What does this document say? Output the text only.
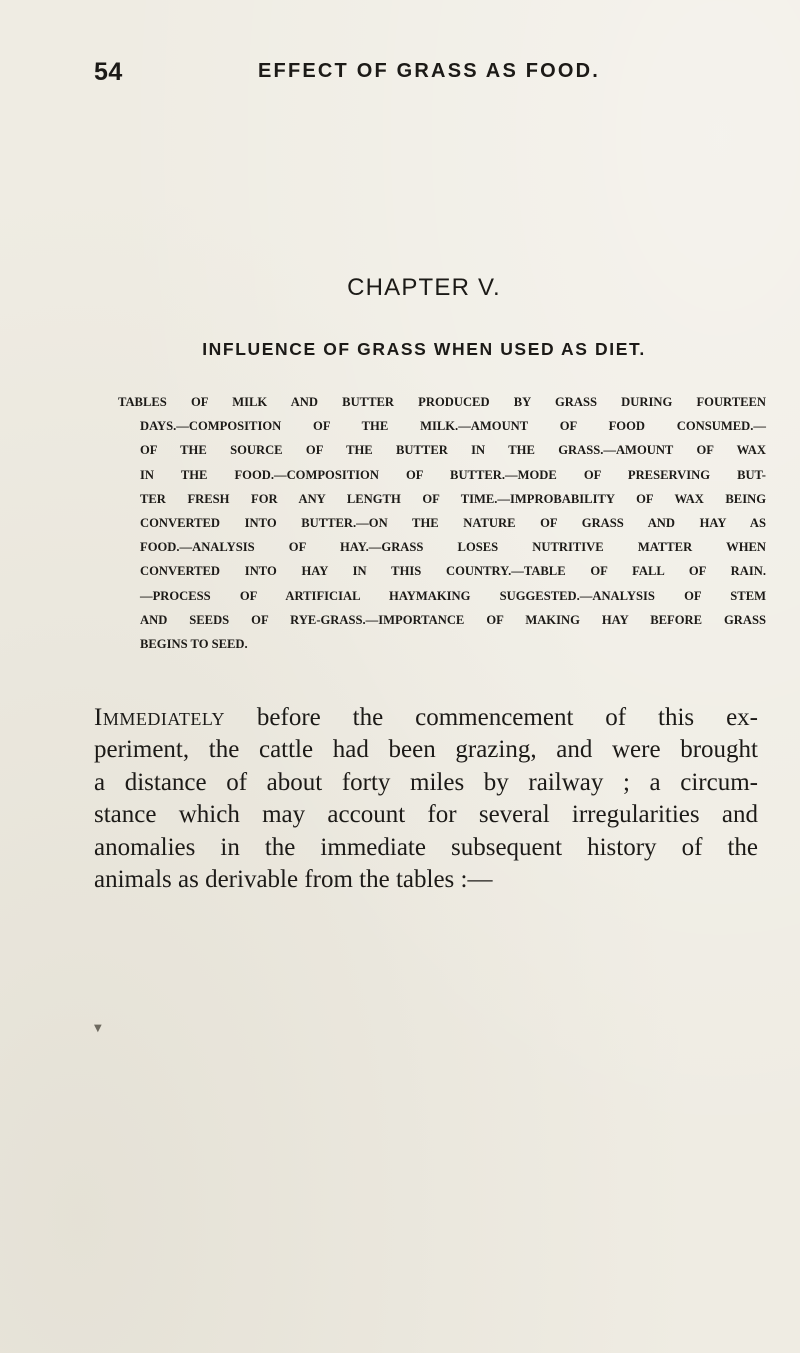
54	EFFECT OF GRASS AS FOOD.
CHAPTER V.
INFLUENCE OF GRASS WHEN USED AS DIET.
TABLES OF MILK AND BUTTER PRODUCED BY GRASS DURING FOURTEEN
DAYS.—COMPOSITION OF THE MILK.—AMOUNT OF FOOD CONSUMED.—
OF THE SOURCE OF THE BUTTER IN THE GRASS.—AMOUNT OF WAX
IN THE FOOD.—COMPOSITION OF BUTTER.—MODE OF PRESERVING BUT-
TER FRESH FOR ANY LENGTH OF TIME.—IMPROBABILITY OF WAX BEING
CONVERTED INTO BUTTER.—ON THE NATURE OF GRASS AND HAY AS
FOOD.—ANALYSIS OF HAY.—GRASS LOSES NUTRITIVE MATTER WHEN
CONVERTED INTO HAY IN THIS COUNTRY.—TABLE OF FALL OF RAIN.
—PROCESS OF ARTIFICIAL HAYMAKING SUGGESTED.—ANALYSIS OF STEM
AND SEEDS OF RYE-GRASS.—IMPORTANCE OF MAKING HAY BEFORE GRASS
BEGINS TO SEED.
Immediately before the commencement of this ex-
periment, the cattle had been grazing, and were brought
a distance of about forty miles by railway ; a circum-
stance which may account for several irregularities and
anomalies in the immediate subsequent history of the
animals as derivable from the tables :—
▼
